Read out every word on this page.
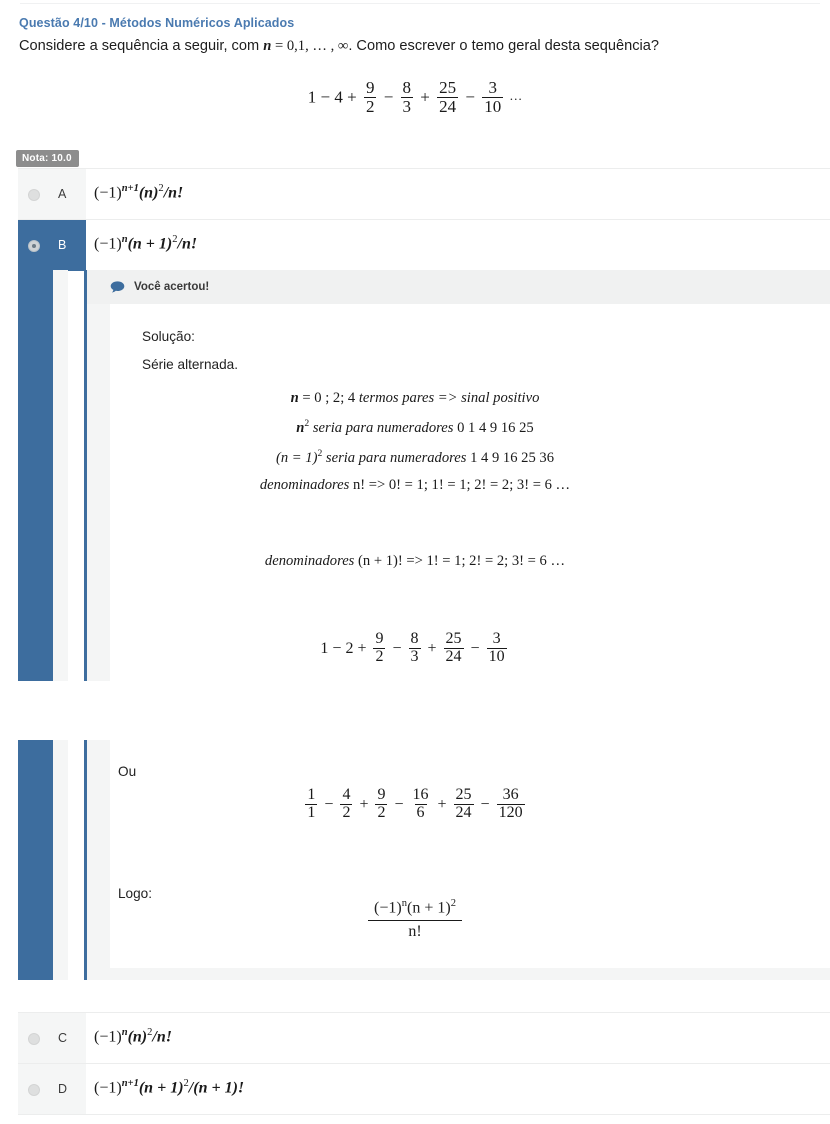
Questão 4/10 - Métodos Numéricos Aplicados
Considere a sequência a seguir, com n = 0,1, … , ∞. Como escrever o temo geral desta sequência?
$1 - 4 + \frac{9}{2} - \frac{8}{3} + \frac{25}{24} - \frac{3}{10}$ …
Nota: 10.0
A $(-1)^{n+1}(n)^2/n$!
B $(-1)^n(n + 1)^2/n$!
Você acertou!
Solução:
Série alternada.
n = 0 ; 2; 4 termos pares => sinal positivo
$n^2$ seria para numeradores 0 1 4 9 16 25
(n = 1)$^2$ seria para numeradores 1 4 9 16 25 36
denominadores n! => 0! = 1; 1! = 1; 2! = 2; 3! = 6 …
denominadores (n + 1)! => 1! = 1; 2! = 2; 3! = 6 …
$1 - 2 + \frac{9}{2} - \frac{8}{3} + \frac{25}{24} - \frac{3}{10}$
Ou
$\frac{1}{1} - \frac{4}{2} + \frac{9}{2} - \frac{16}{6} + \frac{25}{24} - \frac{36}{120}$
Logo:
$\frac{(-1)^n(n + 1)^2}{n!}$
C $(-1)^n(n)^2/n$!
D $(-1)^{n+1}(n + 1)^2/(n + 1)$!
